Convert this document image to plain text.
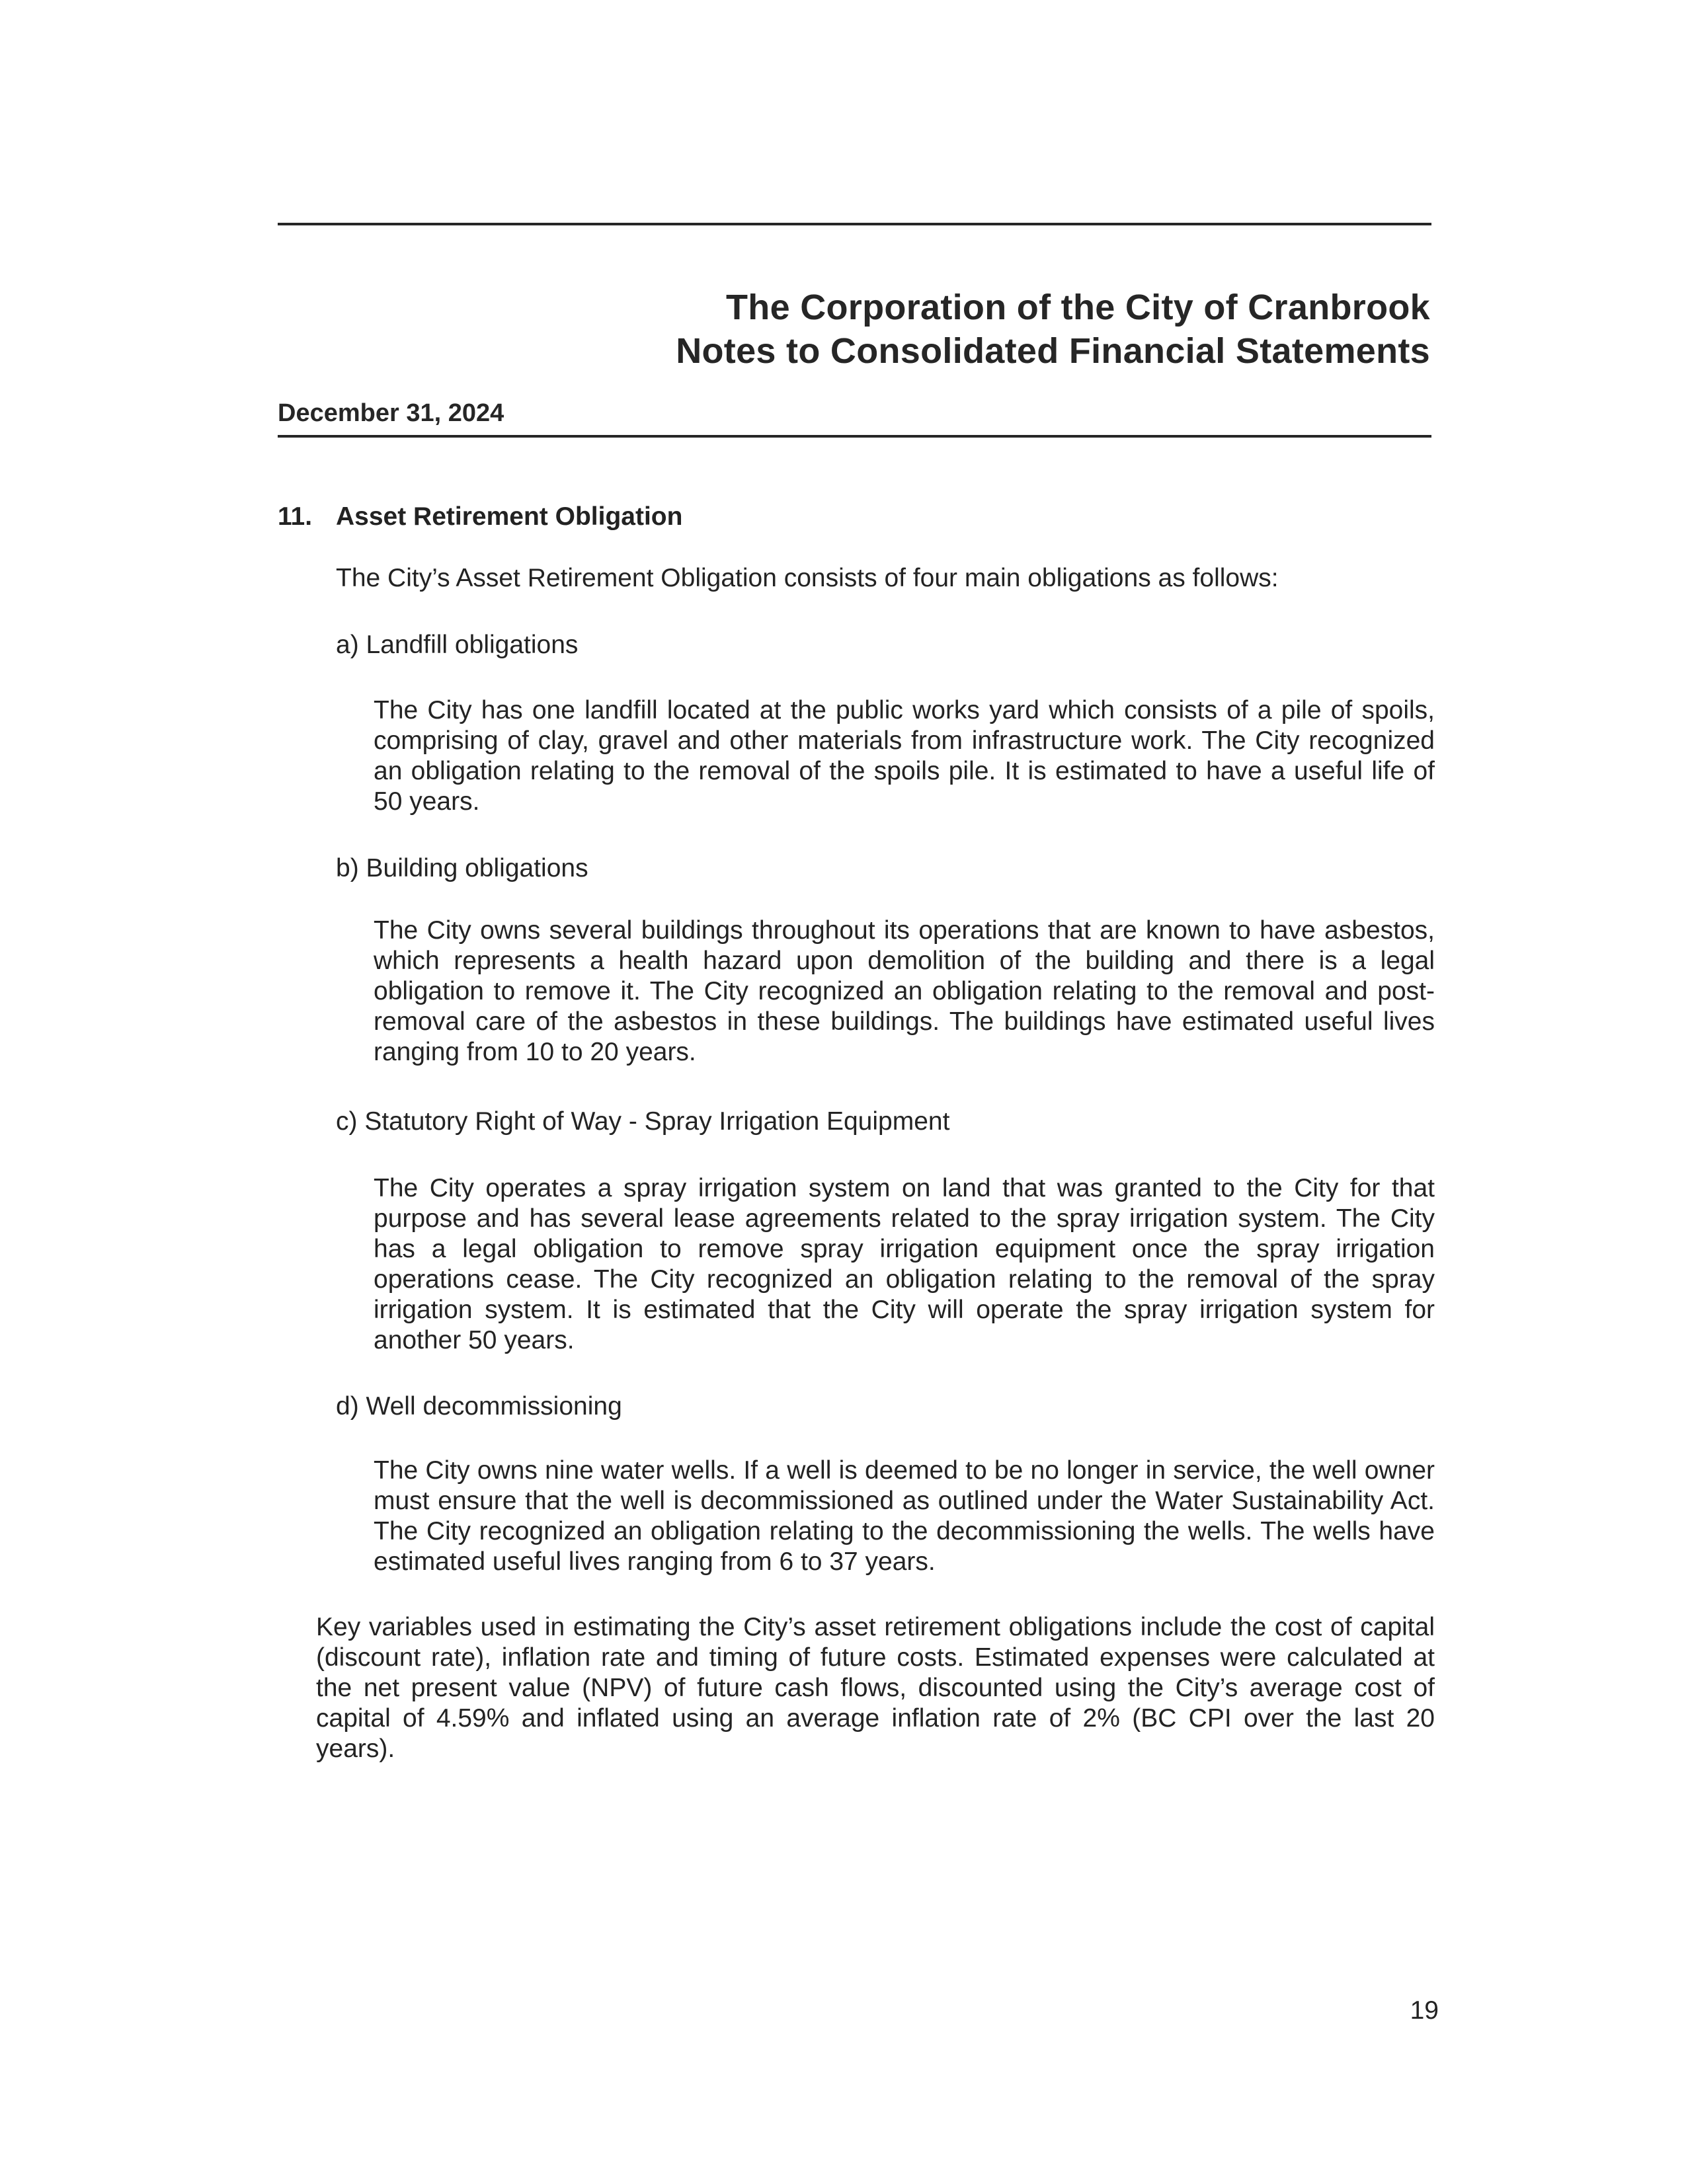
The Corporation of the City of Cranbrook
Notes to Consolidated Financial Statements
December 31, 2024
11. Asset Retirement Obligation
The City’s Asset Retirement Obligation consists of four main obligations as follows:
a) Landfill obligations
The City has one landfill located at the public works yard which consists of a pile of spoils, comprising of clay, gravel and other materials from infrastructure work. The City recognized an obligation relating to the removal of the spoils pile. It is estimated to have a useful life of 50 years.
b) Building obligations
The City owns several buildings throughout its operations that are known to have asbestos, which represents a health hazard upon demolition of the building and there is a legal obligation to remove it. The City recognized an obligation relating to the removal and post-removal care of the asbestos in these buildings. The buildings have estimated useful lives ranging from 10 to 20 years.
c) Statutory Right of Way - Spray Irrigation Equipment
The City operates a spray irrigation system on land that was granted to the City for that purpose and has several lease agreements related to the spray irrigation system. The City has a legal obligation to remove spray irrigation equipment once the spray irrigation operations cease. The City recognized an obligation relating to the removal of the spray irrigation system. It is estimated that the City will operate the spray irrigation system for another 50 years.
d) Well decommissioning
The City owns nine water wells. If a well is deemed to be no longer in service, the well owner must ensure that the well is decommissioned as outlined under the Water Sustainability Act. The City recognized an obligation relating to the decommissioning the wells. The wells have estimated useful lives ranging from 6 to 37 years.
Key variables used in estimating the City’s asset retirement obligations include the cost of capital (discount rate), inflation rate and timing of future costs. Estimated expenses were calculated at the net present value (NPV) of future cash flows, discounted using the City’s average cost of capital of 4.59% and inflated using an average inflation rate of 2% (BC CPI over the last 20 years).
19
